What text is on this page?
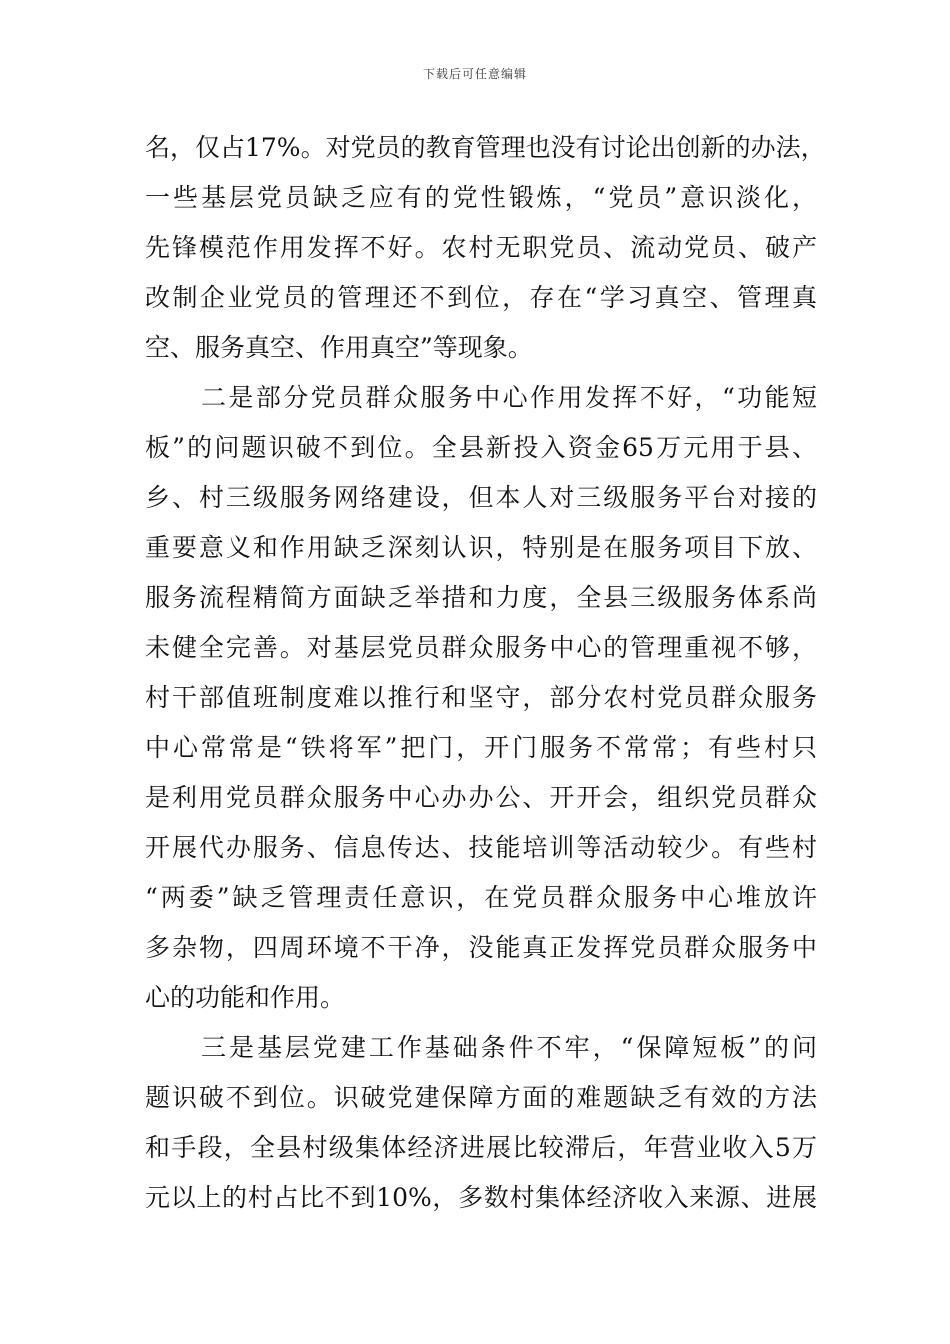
下载后可任意编辑
名，仅占17%。对党员的教育管理也没有讨论出创新的办法，
一些基层党员缺乏应有的党性锻炼，“党员”意识淡化，
先锋模范作用发挥不好。农村无职党员、流动党员、破产
改制企业党员的管理还不到位，存在“学习真空、管理真
空、服务真空、作用真空”等现象。
二是部分党员群众服务中心作用发挥不好，“功能短
板”的问题识破不到位。全县新投入资金65万元用于县、
乡、村三级服务网络建设，但本人对三级服务平台对接的
重要意义和作用缺乏深刻认识，特别是在服务项目下放、
服务流程精简方面缺乏举措和力度，全县三级服务体系尚
未健全完善。对基层党员群众服务中心的管理重视不够，
村干部值班制度难以推行和坚守，部分农村党员群众服务
中心常常是“铁将军”把门，开门服务不常常；有些村只
是利用党员群众服务中心办办公、开开会，组织党员群众
开展代办服务、信息传达、技能培训等活动较少。有些村
“两委”缺乏管理责任意识，在党员群众服务中心堆放许
多杂物，四周环境不干净，没能真正发挥党员群众服务中
心的功能和作用。
三是基层党建工作基础条件不牢，“保障短板”的问
题识破不到位。识破党建保障方面的难题缺乏有效的方法
和手段，全县村级集体经济进展比较滞后，年营业收入5万
元以上的村占比不到10%，多数村集体经济收入来源、进展
